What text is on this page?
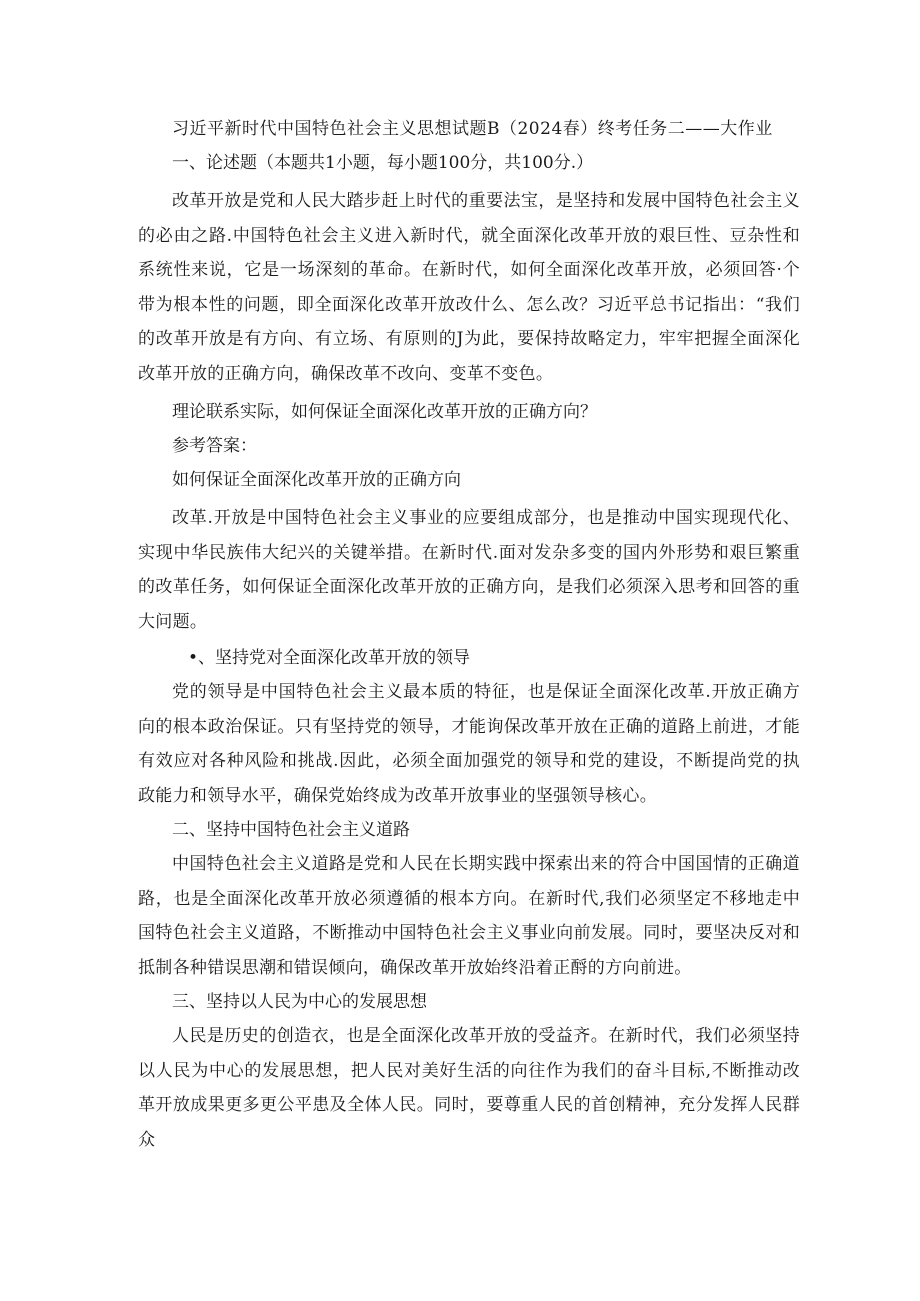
习近平新时代中国特色社会主义思想试题B（2024春）终考任务二——大作业

一、论述题（本题共1小题，每小题100分，共100分.）

改革开放是党和人民大踏步赶上时代的重要法宝，是坚持和发展中国特色社会主义的必由之路.中国特色社会主义进入新时代，就全面深化改革开放的艰巨性、豆杂性和系统性来说，它是一场深刻的革命。在新时代，如何全面深化改革开放，必须回答·个带为根本性的问题，即全面深化改革开放改什么、怎么改？习近平总书记指出：“我们的改革开放是有方向、有立场、有原则的J为此，要保持故略定力，牢牢把握全面深化改革开放的正确方向，确保改革不改向、变革不变色。

理论联系实际，如何保证全面深化改革开放的正确方向？

参考答案：

如何保证全面深化改革开放的正确方向

改革.开放是中国特色社会主义事业的应要组成部分，也是推动中国实现现代化、实现中华民族伟大纪兴的关键举措。在新时代.面对发杂多变的国内外形势和艰巨繁重的改革任务，如何保证全面深化改革开放的正确方向，是我们必须深入思考和回答的重大问题。

•、坚持党对全面深化改革开放的领导

党的领导是中国特色社会主义最本质的特征，也是保证全面深化改革.开放正确方向的根本政治保证。只有坚持党的领导，才能询保改革开放在正确的道路上前进，才能有效应对各种风险和挑战.因此，必须全面加强党的领导和党的建设，不断提尚党的执政能力和领导水平，确保党始终成为改革开放事业的坚强领导核心。

二、坚持中国特色社会主义道路

中国特色社会主义道路是党和人民在长期实践中探索出来的符合中国国情的正确道路，也是全面深化改革开放必须遵循的根本方向。在新时代,我们必须坚定不移地走中国特色社会主义道路，不断推动中国特色社会主义事业向前发展。同时，要坚决反对和抵制各种错误思潮和错误倾向，确保改革开放始终沿着正酹的方向前进。

三、坚持以人民为中心的发展思想

人民是历史的创造衣，也是全面深化改革开放的受益齐。在新时代，我们必须坚持以人民为中心的发展思想，把人民对美好生活的向往作为我们的奋斗目标,不断推动改革开放成果更多更公平患及全体人民。同时，要尊重人民的首创精神，充分发挥人民群众
